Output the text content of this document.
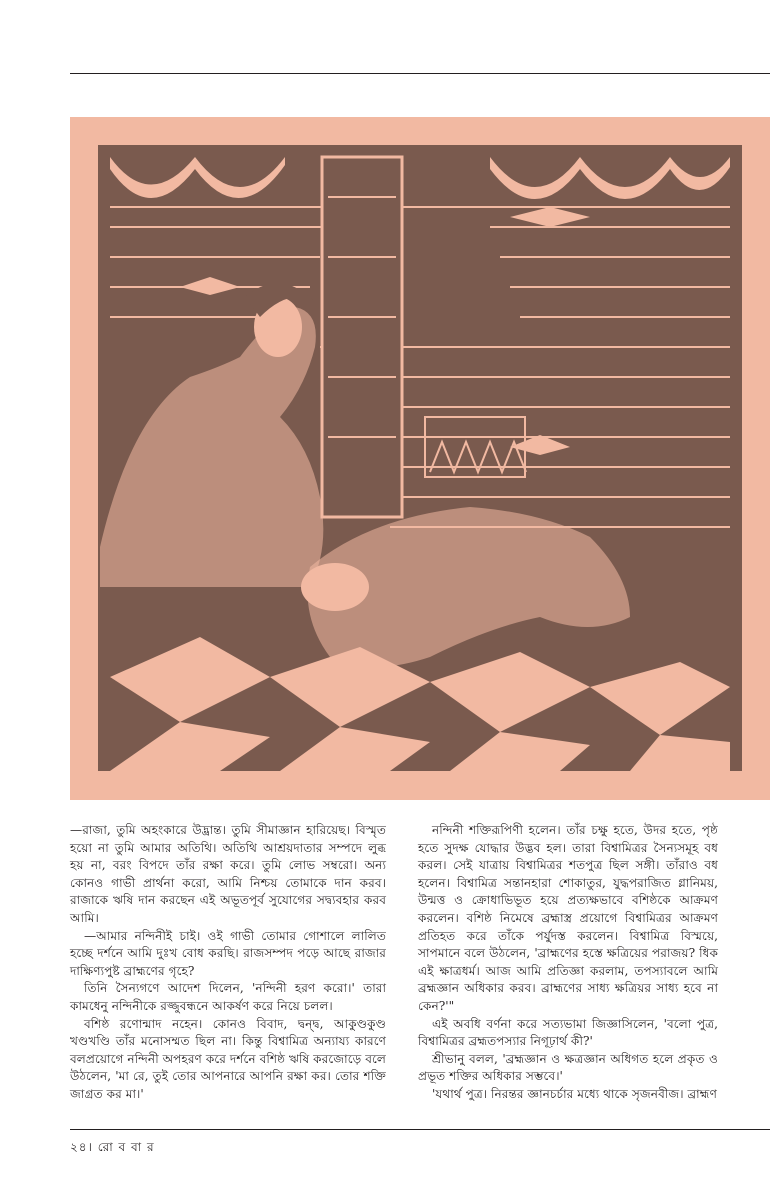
—রাজা, তুমি অহংকারে উদ্ভ্রান্ত। তুমি সীমাজ্ঞান হারিয়েছ। বিস্মৃত হয়ো না তুমি আমার অতিথি। অতিথি আশ্রয়দাতার সম্পদে লুব্ধ হয় না, বরং বিপদে তাঁর রক্ষা করে। তুমি লোভ সম্বরো। অন্য কোনও গাভী প্রার্থনা করো, আমি নিশ্চয় তোমাকে দান করব। রাজাকে ঋষি দান করছেন এই অভূতপূর্ব সুযোগের সদ্ব্যবহার করব আমি।

—আমার নন্দিনীই চাই। ওই গাভী তোমার গোশালে লালিত হচ্ছে দর্শনে আমি দুঃখ বোধ করছি। রাজসম্পদ পড়ে আছে রাজার দাক্ষিণ্যপুষ্ট ব্রাহ্মণের গৃহে?

তিনি সৈন্যগণে আদেশ দিলেন, 'নন্দিনী হরণ করো।' তারা কামধেনু নন্দিনীকে রজ্জুবন্ধনে আকর্ষণ করে নিয়ে চলল।

বশিষ্ঠ রণোন্মাদ নহেন। কোনও বিবাদ, দ্বন্দ্ব, আকুণ্ডকুণ্ড খণ্ডখণ্ডি তাঁর মনোসম্মত ছিল না। কিন্তু বিশ্বামিত্র অন্যায্য কারণে বলপ্রয়োগে নন্দিনী অপহরণ করে দর্শনে বশিষ্ঠ ঋষি করজোড়ে বলে উঠলেন, 'মা রে, তুই তোর আপনারে আপনি রক্ষা কর। তোর শক্তি জাগ্রত কর মা।'

নন্দিনী শক্তিরূপিণী হলেন। তাঁর চক্ষু হতে, উদর হতে, পৃষ্ঠ হতে সুদক্ষ যোদ্ধার উদ্ভব হল। তারা বিশ্বামিত্রর সৈন্যসমূহ বধ করল। সেই যাত্রায় বিশ্বামিত্রর শতপুত্র ছিল সঙ্গী। তাঁরাও বধ হলেন। বিশ্বামিত্র সন্তানহারা শোকাতুর, যুদ্ধপরাজিত গ্লানিময়, উন্মত্ত ও ক্রোধাভিভূত হয়ে প্রত্যক্ষভাবে বশিষ্ঠকে আক্রমণ করলেন। বশিষ্ঠ নিমেষে ব্রহ্মাস্ত্র প্রয়োগে বিশ্বামিত্রর আক্রমণ প্রতিহত করে তাঁকে পর্যুদস্ত করলেন। বিশ্বামিত্র বিস্ময়ে, সাপমানে বলে উঠলেন, 'ব্রাহ্মণের হস্তে ক্ষত্রিয়ের পরাজয়? ধিক এই ক্ষাত্রধর্ম। আজ আমি প্রতিজ্ঞা করলাম, তপস্যাবলে আমি ব্রহ্মজ্ঞান অধিকার করব। ব্রাহ্মণের সাধ্য ক্ষত্রিয়র সাধ্য হবে না কেন?'"

এই অবধি বর্ণনা করে সত্যভামা জিজ্ঞাসিলেন, 'বলো পুত্র, বিশ্বামিত্রর ব্রহ্মতপস্যার নিগূঢ়ার্থ কী?'

শ্রীভানু বলল, 'ব্রহ্মজ্ঞান ও ক্ষত্রজ্ঞান অধিগত হলে প্রকৃত ও প্রভূত শক্তির অধিকার সম্ভবে।'

'যথার্থ পুত্র। নিরন্তর জ্ঞানচর্চার মধ্যে থাকে সৃজনবীজ। ব্রাহ্মণ

২৪। রো ব বা র
